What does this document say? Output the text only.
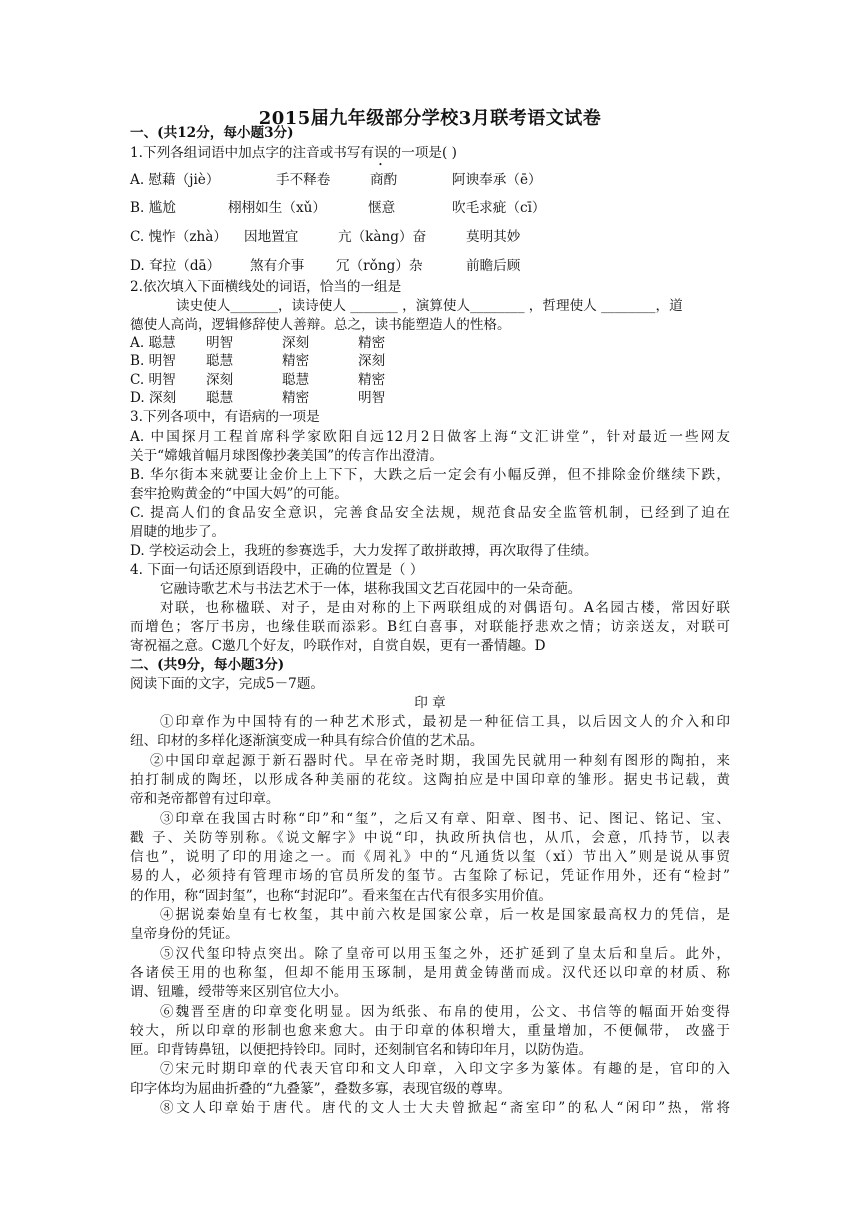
2015届九年级部分学校3月联考语文试卷
一、(共12分，每小题3分)
1.下列各组词语中加点字的注音或书写有误的一项是( )
A. 慰藉（jiè）	手不释卷	商酌	阿谀奉承（ē）
B. 尴尬	栩栩如生（xǔ）	惬意	吹毛求疵（cī）
C. 愧怍（zhà） 因地置宜	亢（kàng）奋	莫明其妙
D. 耷拉（dā） 煞有介事 冗（rǒng）杂	前瞻后顾
2.依次填入下面横线处的词语，恰当的一组是
读史使人_______，读诗使人 _______ ，演算使人________ ，哲理使人 ________，道
德使人高尚，逻辑修辞使人善辩。总之，读书能塑造人的性格。
A. 聪慧 明智	深刻	精密
B. 明智 聪慧	精密	深刻
C. 明智 深刻	聪慧	精密
D. 深刻 聪慧	精密	明智
3.下列各项中，有语病的一项是
A. 中国探月工程首席科学家欧阳自远12月2日做客上海“文汇讲堂”，针对最近一些网友
关于“嫦娥首幅月球图像抄袭美国”的传言作出澄清。
B. 华尔街本来就要让金价上上下下，大跌之后一定会有小幅反弹，但不排除金价继续下跌，
套牢抢购黄金的“中国大妈”的可能。
C. 提高人们的食品安全意识，完善食品安全法规，规范食品安全监管机制，已经到了迫在
眉睫的地步了。
D. 学校运动会上，我班的参赛选手，大力发挥了敢拼敢搏，再次取得了佳绩。
4. 下面一句话还原到语段中，正确的位置是（ ）
它融诗歌艺术与书法艺术于一体，堪称我国文艺百花园中的一朵奇葩。
对联，也称楹联、对子，是由对称的上下两联组成的对偶语句。A名园古楼，常因好联
而增色；客厅书房，也缘佳联而添彩。B红白喜事，对联能抒悲欢之情；访亲送友，对联可
寄祝福之意。C邀几个好友，吟联作对，自赏自娱，更有一番情趣。D
二、(共9分，每小题3分)
阅读下面的文字，完成5－7题。
印 章
①印章作为中国特有的一种艺术形式，最初是一种征信工具，以后因文人的介入和印
纽、印材的多样化逐渐演变成一种具有综合价值的艺术品。
②中国印章起源于新石器时代。早在帝尧时期，我国先民就用一种刻有图形的陶拍，来
拍打制成的陶坯，以形成各种美丽的花纹。这陶拍应是中国印章的雏形。据史书记载，黄
帝和尧帝都曾有过印章。
③印章在我国古时称“印”和“玺”，之后又有章、阳章、图书、记、图记、铭记、宝、
戳 子、关防等别称。《说文解字》中说“印，执政所执信也，从爪，会意，爪持节，以表
信也”，说明了印的用途之一。而《周礼》中的“凡通货以玺（xǐ）节出入”则是说从事贸
易的人，必须持有管理市场的官员所发的玺节。古玺除了标记，凭证作用外，还有“检封”
的作用，称“固封玺”，也称“封泥印”。看来玺在古代有很多实用价值。
④据说秦始皇有七枚玺，其中前六枚是国家公章，后一枚是国家最高权力的凭信，是
皇帝身份的凭证。
⑤汉代玺印特点突出。除了皇帝可以用玉玺之外，还扩延到了皇太后和皇后。此外，
各诸侯王用的也称玺，但却不能用玉琢制，是用黄金铸凿而成。汉代还以印章的材质、称
谓、钮雕，绶带等来区别官位大小。
⑥魏晋至唐的印章变化明显。因为纸张、布帛的使用，公文、书信等的幅面开始变得
较大，所以印章的形制也愈来愈大。由于印章的体积增大，重量增加，不便佩带， 改盛于
匣。印背铸鼻钮，以便把持铃印。同时，还刻制官名和铸印年月，以防伪造。
⑦宋元时期印章的代表天官印和文人印章，入印文字多为篆体。有趣的是，官印的入
印字体均为屈曲折叠的“九叠篆”，叠数多寡，表现官级的尊卑。
⑧文人印章始于唐代。唐代的文人士大夫曾掀起“斋室印”的私人“闲印”热，常将
